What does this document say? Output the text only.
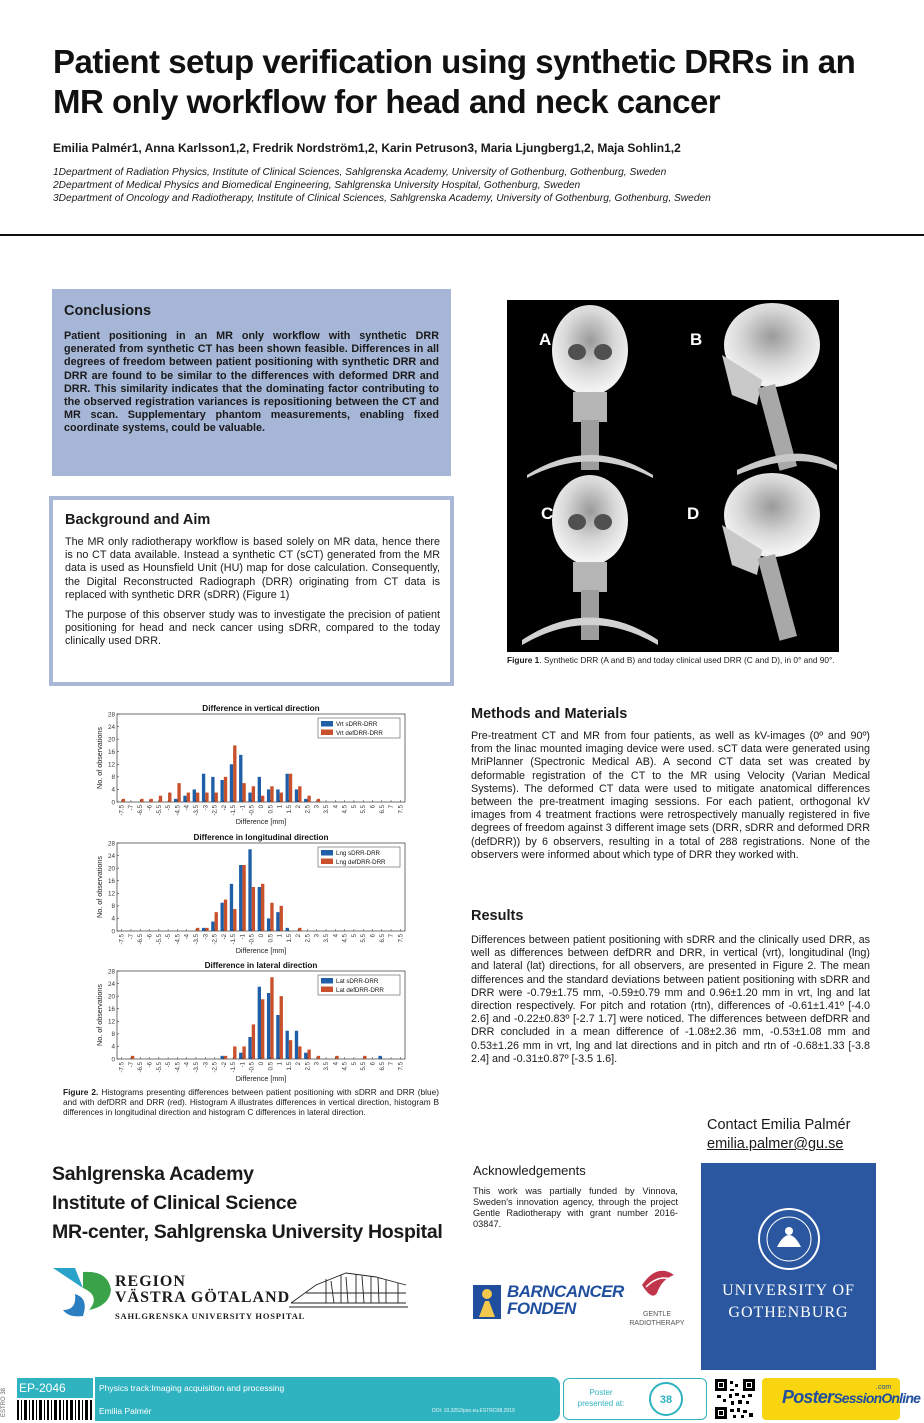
Patient setup verification using synthetic DRRs in an MR only workflow for head and neck cancer
Emilia Palmér1, Anna Karlsson1,2, Fredrik Nordström1,2, Karin Petruson3, Maria Ljungberg1,2, Maja Sohlin1,2
1Department of Radiation Physics, Institute of Clinical Sciences, Sahlgrenska Academy, University of Gothenburg, Gothenburg, Sweden
2Department of Medical Physics and Biomedical Engineering, Sahlgrenska University Hospital, Gothenburg, Sweden
3Department of Oncology and Radiotherapy, Institute of Clinical Sciences, Sahlgrenska Academy, University of Gothenburg, Gothenburg, Sweden
Conclusions

Patient positioning in an MR only workflow with synthetic DRR generated from synthetic CT has been shown feasible. Differences in all degrees of freedom between patient positioning with synthetic DRR and DRR are found to be similar to the differences with deformed DRR and DRR. This similarity indicates that the dominating factor contributing to the observed registration variances is repositioning between the CT and MR scan. Supplementary phantom measurements, enabling fixed coordinate systems, could be valuable.

Background and Aim

The MR only radiotherapy workflow is based solely on MR data, hence there is no CT data available. Instead a synthetic CT (sCT) generated from the MR data is used as Hounsfield Unit (HU) map for dose calculation. Consequently, the Digital Reconstructed Radiograph (DRR) originating from CT data is replaced with synthetic DRR (sDRR) (Figure 1)

The purpose of this observer study was to investigate the precision of patient positioning for head and neck cancer using sDRR, compared to the today clinically used DRR.

A	B
C	D
Figure 1. Synthetic DRR (A and B) and today clinical used DRR (C and D), in 0° and 90°.
Methods and Materials

Pre-treatment CT and MR from four patients, as well as kV-images (0º and 90º) from the linac mounted imaging device were used. sCT data were generated using MriPlanner (Spectronic Medical AB). A second CT data set was created by deformable registration of the CT to the MR using Velocity (Varian Medical Systems). The deformed CT data were used to mitigate anatomical differences between the pre-treatment imaging sessions. For each patient, orthogonal kV images from 4 treatment fractions were retrospectively manually registered in five degrees of freedom against 3 different image sets (DRR, sDRR and deformed DRR (defDRR)) by 6 observers, resulting in a total of 288 registrations. None of the observers were informed about which type of DRR they worked with.

Results

Differences between patient positioning with sDRR and the clinically used DRR, as well as differences between defDRR and DRR, in vertical (vrt), longitudinal (lng) and lateral (lat) directions, for all observers, are presented in Figure 2. The mean differences and the standard deviations between patient positioning with sDRR and DRR were -0.79±1.75 mm, -0.59±0.79 mm and 0.96±1.20 mm in vrt, lng and lat direction respectively. For pitch and rotation (rtn), differences of -0.61±1.41º [-4.0 2.6] and -0.22±0.83º [-2.7 1.7] were noticed. The differences between defDRR and DRR concluded in a mean difference of -1.08±2.36 mm, -0.53±1.08 mm and 0.53±1.26 mm in vrt, lng and lat directions and in pitch and rtn of -0.68±1.33 [-3.8 2.4] and -0.31±0.87º [-3.5 1.6].

Difference in vertical direction
0
4
8
12
16
20
24
28
-7.5 -7 -6.5 -6 -5.5 -5 -4.5 -4 -3.5 -3 -2.5 -2 -1.5 -1 -0.5 0 0.5 1 1.5 2 2.5 3 3.5 4 4.5 5 5.5 6 6.5 7 7.5
Vrt sDRR-DRR
Vrt defDRR-DRR
Difference [mm]
No. of observations
Difference in longitudinal direction
0
4
8
12
16
20
24
28
-7.5 -7 -6.5 -6 -5.5 -5 -4.5 -4 -3.5 -3 -2.5 -2 -1.5 -1 -0.5 0 0.5 1 1.5 2 2.5 3 3.5 4 4.5 5 5.5 6 6.5 7 7.5
Lng sDRR-DRR
Lng defDRR-DRR
Difference [mm]
No. of observations
Difference in lateral direction
0
4
8
12
16
20
24
28
-7.5 -7 -6.5 -6 -5.5 -5 -4.5 -4 -3.5 -3 -2.5 -2 -1.5 -1 -0.5 0 0.5 1 1.5 2 2.5 3 3.5 4 4.5 5 5.5 6 6.5 7 7.5
Lat sDRR-DRR
Lat defDRR-DRR
Difference [mm]
No. of observations
Figure 2. Histograms presenting differences between patient positioning with sDRR and DRR (blue) and with defDRR and DRR (red). Histogram A illustrates differences in vertical direction, histogram B differences in longitudinal direction and histogram C differences in lateral direction.
Contact Emilia Palmér
emilia.palmer@gu.se
Sahlgrenska Academy
Institute of Clinical Science
MR-center, Sahlgrenska University Hospital
REGION
VÄSTRA GÖTALAND
SAHLGRENSKA UNIVERSITY HOSPITAL
Acknowledgements

This work was partially funded by Vinnova, Sweden's innovation agency, through the project Gentle Radiotherapy with grant number 2016-03847.

BARNCANCER
FONDEN	GENTLE
RADIOTHERAPY
UNIVERSITY OF
GOTHENBURG
ESTRO 38 EP-2046	Physics track:Imaging acquisition and processing
Emilia Palmér	DOI: 10.3252/pso.eu.ESTRO38.2019
Poster
presented at:	38	PosterSessionOnline
.com
